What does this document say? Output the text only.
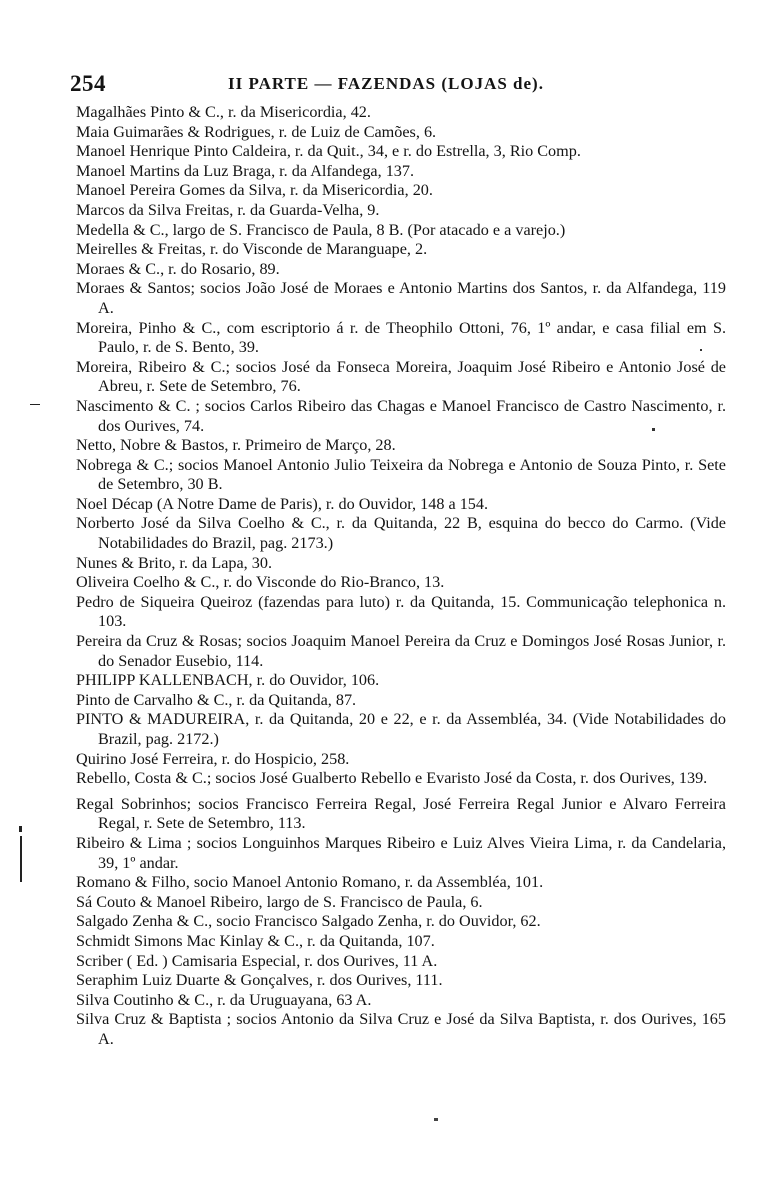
254	II PARTE — FAZENDAS (LOJAS de).

Magalhães Pinto & C., r. da Misericordia, 42.

Maia Guimarães & Rodrigues, r. de Luiz de Camões, 6.

Manoel Henrique Pinto Caldeira, r. da Quit., 34, e r. do Estrella, 3, Rio Comp.

Manoel Martins da Luz Braga, r. da Alfandega, 137.

Manoel Pereira Gomes da Silva, r. da Misericordia, 20.

Marcos da Silva Freitas, r. da Guarda-Velha, 9.

Medella & C., largo de S. Francisco de Paula, 8 B. (Por atacado e a varejo.)

Meirelles & Freitas, r. do Visconde de Maranguape, 2.

Moraes & C., r. do Rosario, 89.

Moraes & Santos; socios João José de Moraes e Antonio Martins dos Santos, r. da Alfandega, 119 A.

Moreira, Pinho & C., com escriptorio á r. de Theophilo Ottoni, 76, 1º andar, e casa filial em S. Paulo, r. de S. Bento, 39.

Moreira, Ribeiro & C.; socios José da Fonseca Moreira, Joaquim José Ribeiro e Antonio José de Abreu, r. Sete de Setembro, 76.

Nascimento & C. ; socios Carlos Ribeiro das Chagas e Manoel Francisco de Castro Nascimento, r. dos Ourives, 74.

Netto, Nobre & Bastos, r. Primeiro de Março, 28.

Nobrega & C.; socios Manoel Antonio Julio Teixeira da Nobrega e Antonio de Souza Pinto, r. Sete de Setembro, 30 B.

Noel Décap (A Notre Dame de Paris), r. do Ouvidor, 148 a 154.

Norberto José da Silva Coelho & C., r. da Quitanda, 22 B, esquina do becco do Carmo. (Vide Notabilidades do Brazil, pag. 2173.)

Nunes & Brito, r. da Lapa, 30.

Oliveira Coelho & C., r. do Visconde do Rio-Branco, 13.

Pedro de Siqueira Queiroz (fazendas para luto) r. da Quitanda, 15. Communicação telephonica n. 103.

Pereira da Cruz & Rosas; socios Joaquim Manoel Pereira da Cruz e Domingos José Rosas Junior, r. do Senador Eusebio, 114.

PHILIPP KALLENBACH, r. do Ouvidor, 106.

Pinto de Carvalho & C., r. da Quitanda, 87.

PINTO & MADUREIRA, r. da Quitanda, 20 e 22, e r. da Assembléa, 34. (Vide Notabilidades do Brazil, pag. 2172.)

Quirino José Ferreira, r. do Hospicio, 258.

Rebello, Costa & C.; socios José Gualberto Rebello e Evaristo José da Costa, r. dos Ourives, 139.

Regal Sobrinhos; socios Francisco Ferreira Regal, José Ferreira Regal Junior e Alvaro Ferreira Regal, r. Sete de Setembro, 113.

Ribeiro & Lima ; socios Longuinhos Marques Ribeiro e Luiz Alves Vieira Lima, r. da Candelaria, 39, 1º andar.

Romano & Filho, socio Manoel Antonio Romano, r. da Assembléa, 101.

Sá Couto & Manoel Ribeiro, largo de S. Francisco de Paula, 6.

Salgado Zenha & C., socio Francisco Salgado Zenha, r. do Ouvidor, 62.

Schmidt Simons Mac Kinlay & C., r. da Quitanda, 107.

Scriber ( Ed. ) Camisaria Especial, r. dos Ourives, 11 A.

Seraphim Luiz Duarte & Gonçalves, r. dos Ourives, 111.

Silva Coutinho & C., r. da Uruguayana, 63 A.

Silva Cruz & Baptista ; socios Antonio da Silva Cruz e José da Silva Baptista, r. dos Ourives, 165 A.
